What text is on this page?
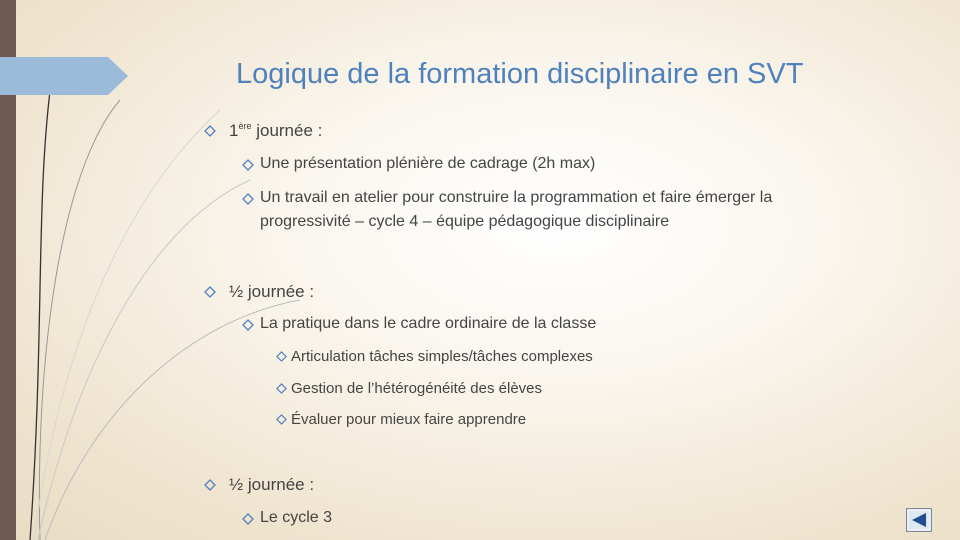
Logique de la formation disciplinaire en SVT
1ère journée :
Une présentation plénière de cadrage (2h max)
Un travail en atelier pour construire la programmation et faire émerger la progressivité – cycle 4 – équipe pédagogique disciplinaire
½ journée :
La pratique dans le cadre ordinaire de la classe
Articulation tâches simples/tâches complexes
Gestion de l’hétérogénéité des élèves
Évaluer pour mieux faire apprendre
½ journée :
Le cycle 3
